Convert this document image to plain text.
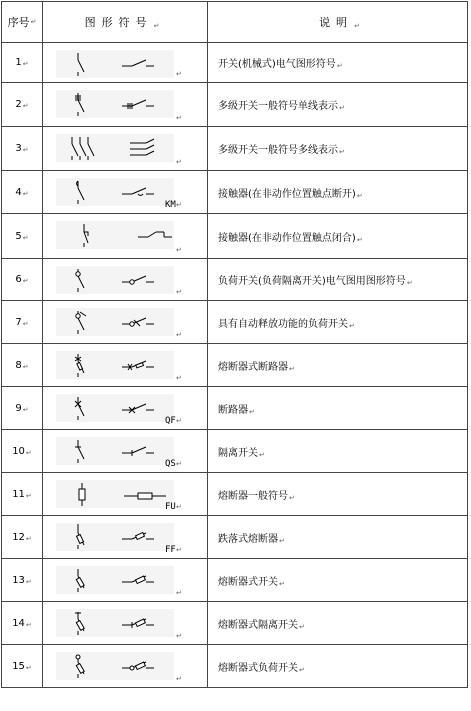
序号↵	图形符号↵	说明↵
1↵	↵	开关(机械式)电气图形符号↵
2↵	↵	多级开关一般符号单线表示↵
3↵	↵	多级开关一般符号多线表示↵
4↵	KM ↵	接触器(在非动作位置触点断开)↵
5↵	↵	接触器(在非动作位置触点闭合)↵
6↵	↵	负荷开关(负荷隔离开关)电气图用图形符号↵
7↵	↵	具有自动释放功能的负荷开关↵
8↵	↵	熔断器式断路器↵
9↵	QF ↵	断路器↵
10↵	QS ↵	隔离开关↵
11↵	FU ↵	熔断器一般符号↵
12↵	FF ↵	跌落式熔断器↵
13↵	↵	熔断器式开关↵
14↵	↵	熔断器式隔离开关↵
15↵	↵	熔断器式负荷开关↵
